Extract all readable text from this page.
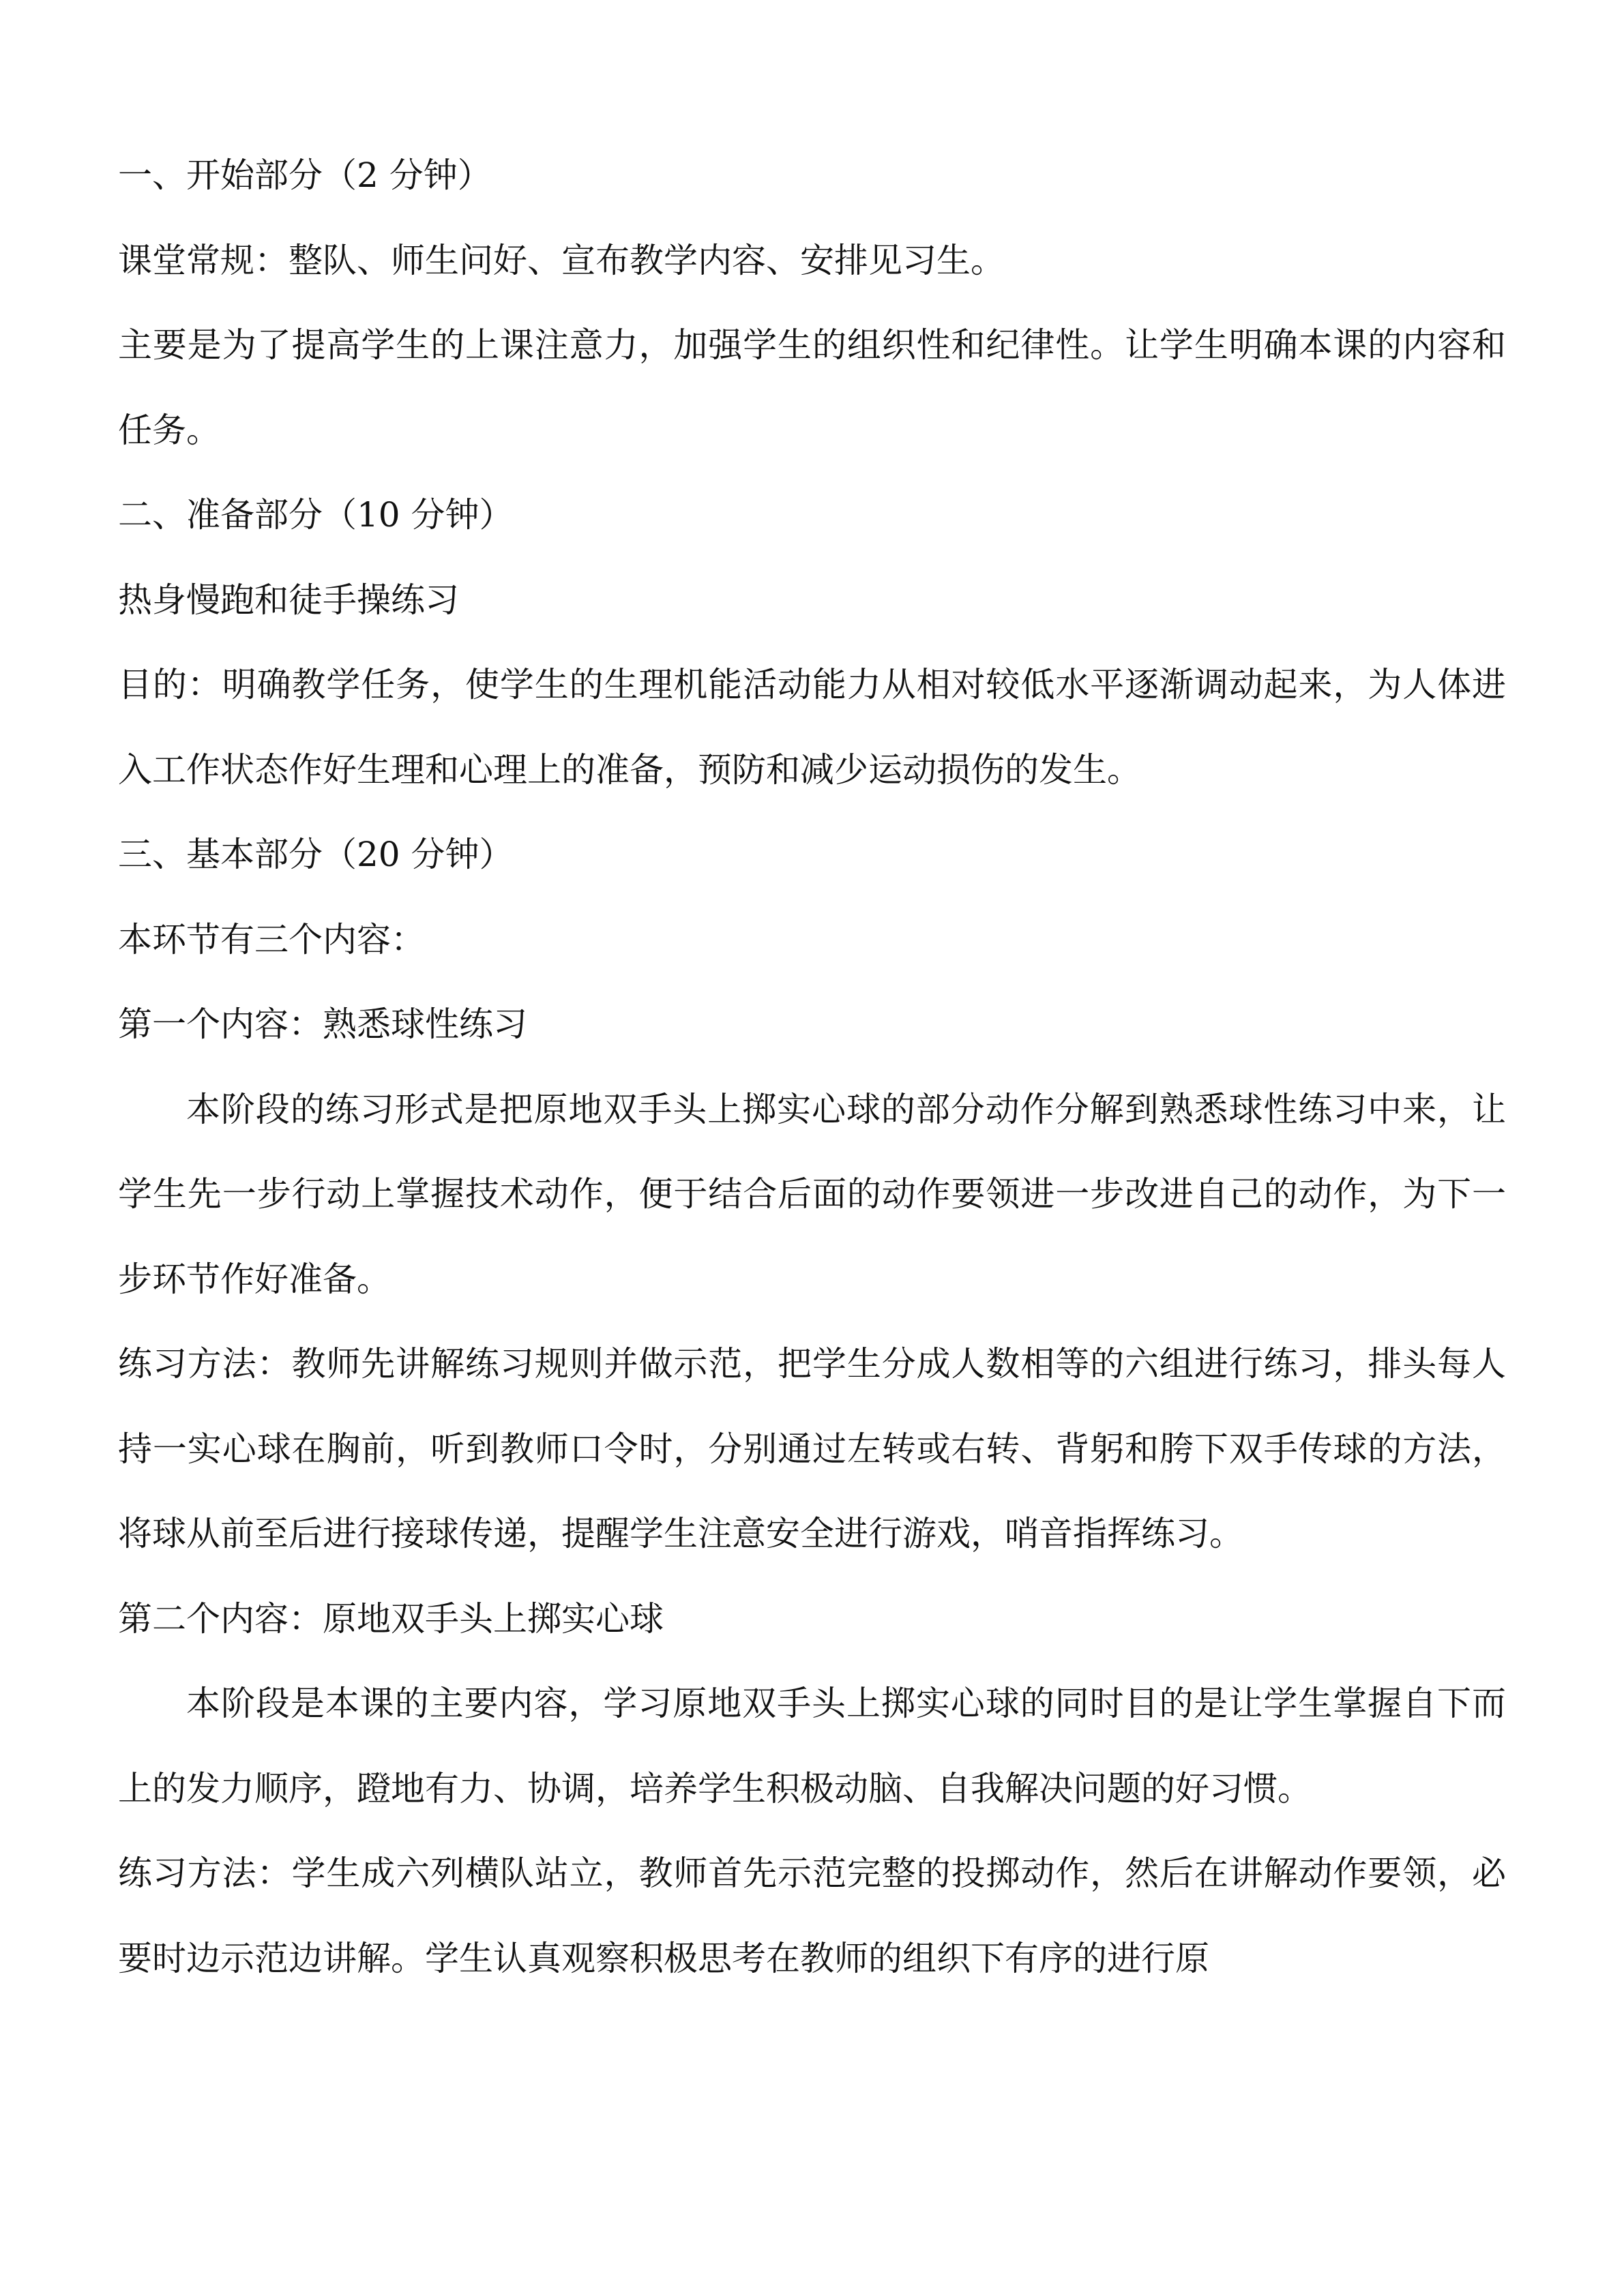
一、开始部分（2 分钟）
课堂常规：整队、师生问好、宣布教学内容、安排见习生。

主要是为了提高学生的上课注意力，加强学生的组织性和纪律性。让学生明确本课的内容和任务。

二、准备部分（10 分钟）
热身慢跑和徒手操练习

目的：明确教学任务，使学生的生理机能活动能力从相对较低水平逐渐调动起来，为人体进入工作状态作好生理和心理上的准备，预防和减少运动损伤的发生。

三、基本部分（20 分钟）
本环节有三个内容：
第一个内容：熟悉球性练习

本阶段的练习形式是把原地双手头上掷实心球的部分动作分解到熟悉球性练习中来，让学生先一步行动上掌握技术动作，便于结合后面的动作要领进一步改进自己的动作，为下一步环节作好准备。

练习方法：教师先讲解练习规则并做示范，把学生分成人数相等的六组进行练习，排头每人持一实心球在胸前，听到教师口令时，分别通过左转或右转、背躬和胯下双手传球的方法，将球从前至后进行接球传递，提醒学生注意安全进行游戏，哨音指挥练习。

第二个内容：原地双手头上掷实心球

本阶段是本课的主要内容，学习原地双手头上掷实心球的同时目的是让学生掌握自下而上的发力顺序，蹬地有力、协调，培养学生积极动脑、自我解决问题的好习惯。

练习方法：学生成六列横队站立，教师首先示范完整的投掷动作，然后在讲解动作要领，必要时边示范边讲解。学生认真观察积极思考在教师的组织下有序的进行原
